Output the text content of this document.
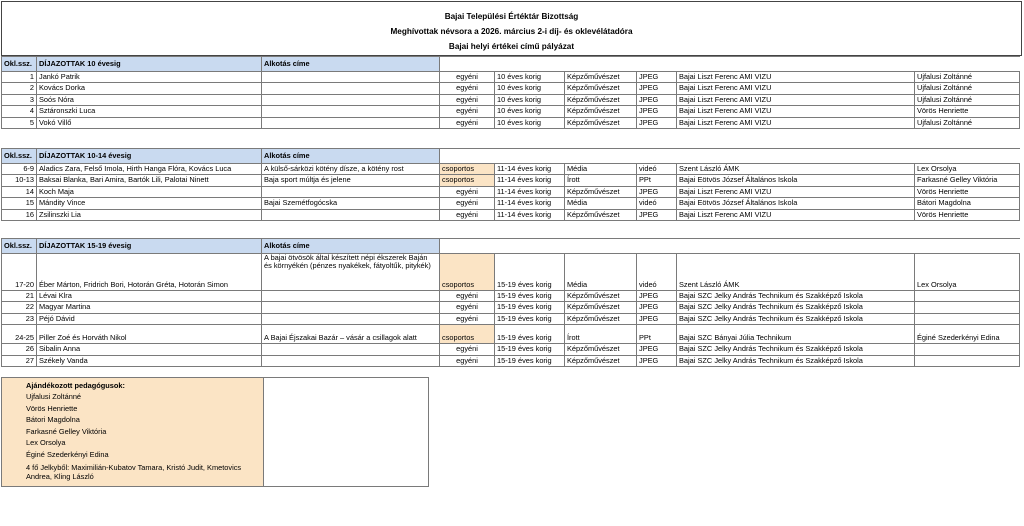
Bajai Települési Értéktár Bizottság
Meghívottak névsora a 2026. március 2-i díj- és oklevélátadóra
Bajai helyi értékei című pályázat
Okl.ssz.	DÍJAZOTTAK 10 évesig	Alkotás címe						
1	Jankó Patrik		egyéni	10 éves korig	Képzőművészet	JPEG	Bajai Liszt Ferenc AMI VIZU	Ujfalusi Zoltánné
2	Kovács Dorka		egyéni	10 éves korig	Képzőművészet	JPEG	Bajai Liszt Ferenc AMI VIZU	Ujfalusi Zoltánné
3	Soós Nóra		egyéni	10 éves korig	Képzőművészet	JPEG	Bajai Liszt Ferenc AMI VIZU	Ujfalusi Zoltánné
4	Sztáronszki Luca		egyéni	10 éves korig	Képzőművészet	JPEG	Bajai Liszt Ferenc AMI VIZU	Vörös Henriette
5	Vokó Villő		egyéni	10 éves korig	Képzőművészet	JPEG	Bajai Liszt Ferenc AMI VIZU	Ujfalusi Zoltánné
Okl.ssz.	DÍJAZOTTAK 10-14 évesig	Alkotás címe						
6-9	Aladics Zara, Felső Imola, Hirth Hanga Flóra, Kovács Luca	A külső-sárközi kötény dísze, a kötény rost	csoportos	11-14 éves korig	Média	videó	Szent László ÁMK	Lex Orsolya
10-13	Baksai Blanka, Bari Amira, Bartók Lili, Palotai Ninett	Baja sport múltja és jelene	csoportos	11-14 éves korig	Írott	PPt	Bajai Eötvös József Általános Iskola	Farkasné Gelley Viktória
14	Koch Maja		egyéni	11-14 éves korig	Képzőművészet	JPEG	Bajai Liszt Ferenc AMI VIZU	Vörös Henriette
15	Mándity Vince	Bajai Szemétfogócska	egyéni	11-14 éves korig	Média	videó	Bajai Eötvös József Általános Iskola	Bátori Magdolna
16	Zsilinszki Lia		egyéni	11-14 éves korig	Képzőművészet	JPEG	Bajai Liszt Ferenc AMI VIZU	Vörös Henriette
Okl.ssz.	DÍJAZOTTAK 15-19 évesig	Alkotás címe						
17-20	Éber Márton, Fridrich Bori, Hotorán Gréta, Hotorán Simon	A bajai ötvösök által készített népi ékszerek Baján és környékén (pénzes nyakékek, fátyoltűk, pitykék)	csoportos	15-19 éves korig	Média	videó	Szent László ÁMK	Lex Orsolya
21	Lévai Klra		egyéni	15-19 éves korig	Képzőművészet	JPEG	Bajai SZC Jelky András Technikum és Szakképző Iskola	
22	Magyar Martina		egyéni	15-19 éves korig	Képzőművészet	JPEG	Bajai SZC Jelky András Technikum és Szakképző Iskola	
23	Péjó Dávid		egyéni	15-19 éves korig	Képzőművészet	JPEG	Bajai SZC Jelky András Technikum és Szakképző Iskola	
24-25	Piller Zoé és Horváth Nikol	A Bajai Éjszakai Bazár – vásár a csillagok alatt	csoportos	15-19 éves korig	Írott	PPt	Bajai SZC Bányai Júlia Technikum	Éginé Szederkényi Edina
26	Sibalin Anna		egyéni	15-19 éves korig	Képzőművészet	JPEG	Bajai SZC Jelky András Technikum és Szakképző Iskola	
27	Székely Vanda		egyéni	15-19 éves korig	Képzőművészet	JPEG	Bajai SZC Jelky András Technikum és Szakképző Iskola	
Ajándékozott pedagógusok:
Ujfalusi Zoltánné
Vörös Henriette
Bátori Magdolna
Farkasné Gelley Viktória
Lex Orsolya
Éginé Szederkényi Edina
4 fő Jelkyből: Maximilián-Kubatov Tamara, Kristó Judit, Kmetovics Andrea, Kling László
